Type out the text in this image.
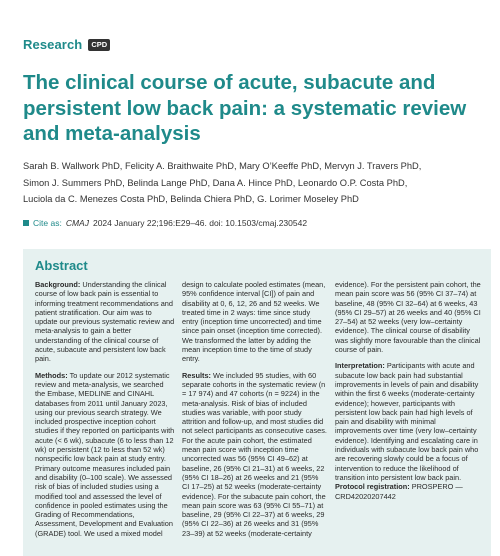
Research	CPD
The clinical course of acute, subacute and persistent low back pain: a systematic review and meta-analysis
Sarah B. Wallwork PhD, Felicity A. Braithwaite PhD, Mary O’Keeffe PhD, Mervyn J. Travers PhD,
Simon J. Summers PhD, Belinda Lange PhD, Dana A. Hince PhD, Leonardo O.P. Costa PhD,
Luciola da C. Menezes Costa PhD, Belinda Chiera PhD, G. Lorimer Moseley PhD
Cite as: CMAJ 2024 January 22;196:E29–46. doi: 10.1503/cmaj.230542
Abstract

Background: Understanding the clinical course of low back pain is essential to informing treatment recommendations and patient stratification. Our aim was to update our previous systematic review and meta-analysis to gain a better understanding of the clinical course of acute, subacute and persistent low back pain.

Methods: To update our 2012 systematic review and meta-analysis, we searched the Embase, MEDLINE and CINAHL databases from 2011 until January 2023, using our previous search strategy. We included prospective inception cohort studies if they reported on participants with acute (< 6 wk), subacute (6 to less than 12 wk) or persistent (12 to less than 52 wk) nonspecific low back pain at study entry. Primary outcome measures included pain and disability (0–100 scale). We assessed risk of bias of included studies using a modified tool and assessed the level of confidence in pooled estimates using the Grading of Recommendations, Assessment, Development and Evaluation (GRADE) tool. We used a mixed model

design to calculate pooled estimates (mean, 95% confidence interval [CI]) of pain and disability at 0, 6, 12, 26 and 52 weeks. We treated time in 2 ways: time since study entry (inception time uncorrected) and time since pain onset (inception time corrected). We transformed the latter by adding the mean inception time to the time of study entry.

Results: We included 95 studies, with 60 separate cohorts in the systematic review (n = 17 974) and 47 cohorts (n = 9224) in the meta-analysis. Risk of bias of included studies was variable, with poor study attrition and follow-up, and most studies did not select participants as consecutive cases. For the acute pain cohort, the estimated mean pain score with inception time uncorrected was 56 (95% CI 49–62) at baseline, 26 (95% CI 21–31) at 6 weeks, 22 (95% CI 18–26) at 26 weeks and 21 (95% CI 17–25) at 52 weeks (moderate-certainty evidence). For the subacute pain cohort, the mean pain score was 63 (95% CI 55–71) at baseline, 29 (95% CI 22–37) at 6 weeks, 29 (95% CI 22–36) at 26 weeks and 31 (95% 23–39) at 52 weeks (moderate-certainty

evidence). For the persistent pain cohort, the mean pain score was 56 (95% CI 37–74) at baseline, 48 (95% CI 32–64) at 6 weeks, 43 (95% CI 29–57) at 26 weeks and 40 (95% CI 27–54) at 52 weeks (very low–certainty evidence). The clinical course of disability was slightly more favourable than the clinical course of pain.

Interpretation: Participants with acute and subacute low back pain had substantial improvements in levels of pain and disability within the first 6 weeks (moderate-certainty evidence); however, participants with persistent low back pain had high levels of pain and disability with minimal improvements over time (very low–certainty evidence). Identifying and escalating care in individuals with subacute low back pain who are recovering slowly could be a focus of intervention to reduce the likelihood of transition into persistent low back pain. Protocol registration: PROSPERO — CRD42020207442
